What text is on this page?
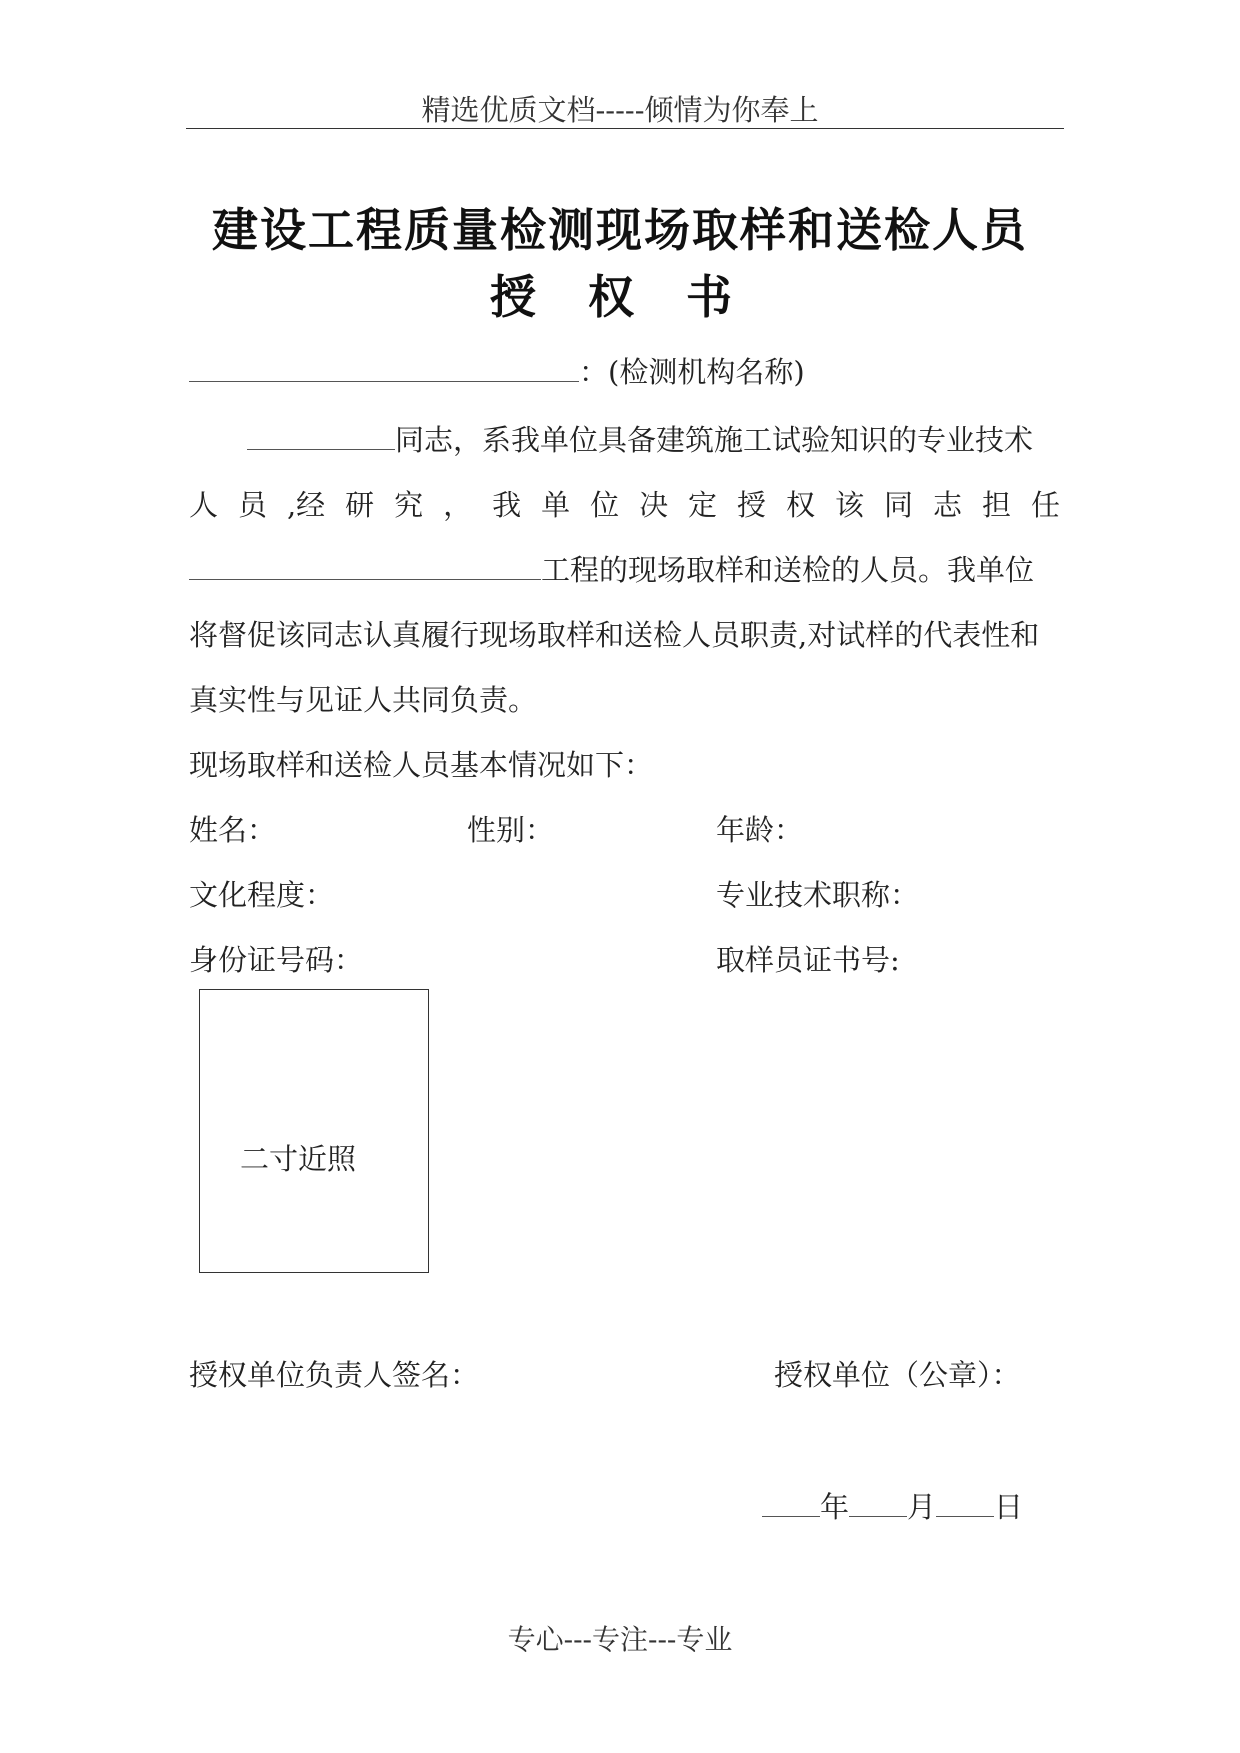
精选优质文档-----倾情为你奉上
建设工程质量检测现场取样和送检人员
授 权 书
：(检测机构名称)
同志，系我单位具备建筑施工试验知识的专业技术
人 员 ,经 研 究 ， 我 单 位 决 定 授 权 该 同 志 担 任
工程的现场取样和送检的人员。我单位
将督促该同志认真履行现场取样和送检人员职责,对试样的代表性和
真实性与见证人共同负责。
现场取样和送检人员基本情况如下：
姓名：	性别：	年龄：
文化程度：	专业技术职称：
身份证号码：	取样员证书号:
二寸近照
授权单位负责人签名：	授权单位（公章）：
年 月 日
专心---专注---专业
